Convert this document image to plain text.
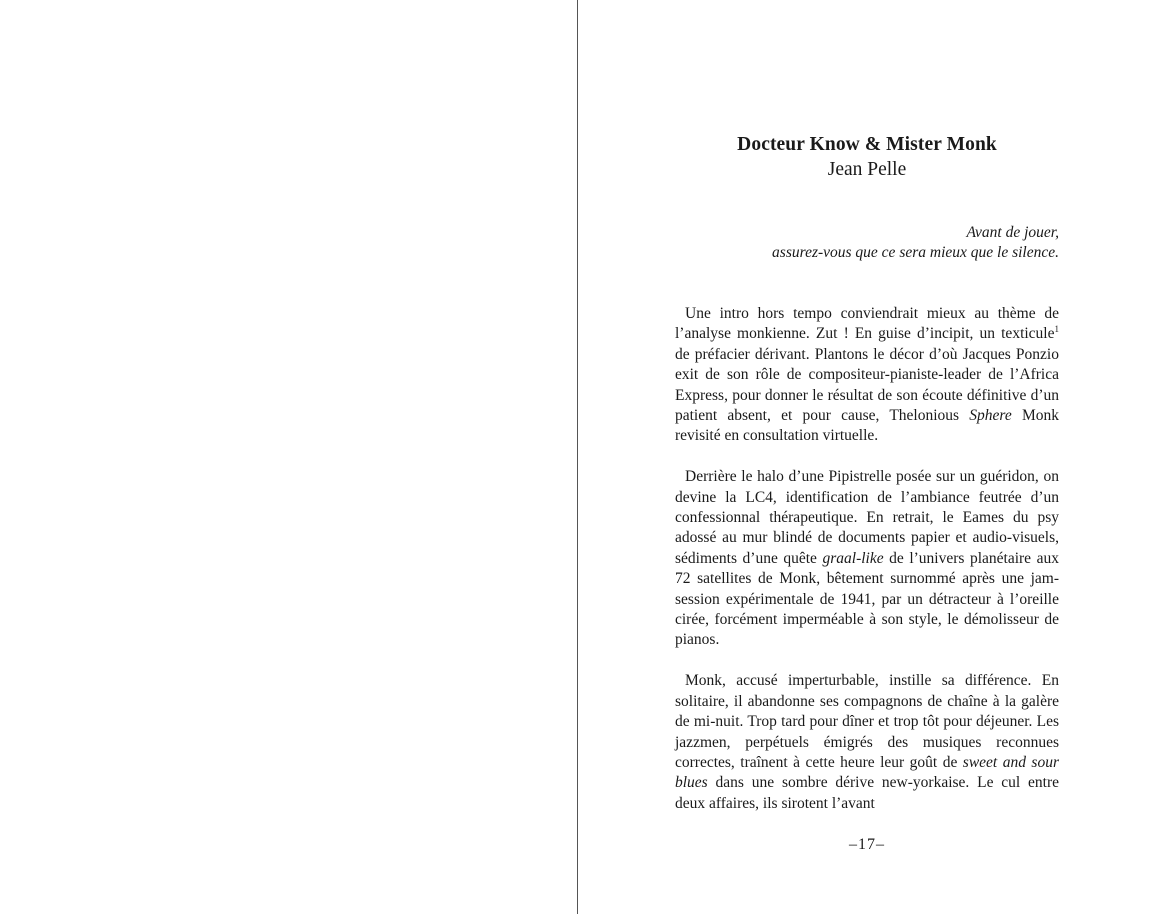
Docteur Know & Mister Monk
Jean Pelle
Avant de jouer,
assurez-vous que ce sera mieux que le silence.

Une intro hors tempo conviendrait mieux au thème de l’analyse monkienne. Zut ! En guise d’incipit, un texticule$^1$ de préfacier dérivant. Plantons le décor d’où Jacques Ponzio exit de son rôle de compositeur-pianiste-leader de l’Africa Express, pour donner le résultat de son écoute définitive d’un patient absent, et pour cause, Thelonious Sphere Monk revisité en consultation virtuelle.

Derrière le halo d’une Pipistrelle posée sur un guéridon, on devine la LC4, identification de l’ambiance feutrée d’un confessionnal thérapeutique. En retrait, le Eames du psy adossé au mur blindé de documents papier et audio-visuels, sédiments d’une quête graal-like de l’univers planétaire aux 72 satellites de Monk, bêtement surnommé après une jam-session expérimentale de 1941, par un détracteur à l’oreille cirée, forcément imperméable à son style, le démolisseur de pianos.

Monk, accusé imperturbable, instille sa différence. En solitaire, il abandonne ses compagnons de chaîne à la galère de mi-nuit. Trop tard pour dîner et trop tôt pour déjeuner. Les jazzmen, perpétuels émigrés des musiques reconnues correctes, traînent à cette heure leur goût de sweet and sour blues dans une sombre dérive new-yorkaise. Le cul entre deux affaires, ils sirotent l’avant

–17–
